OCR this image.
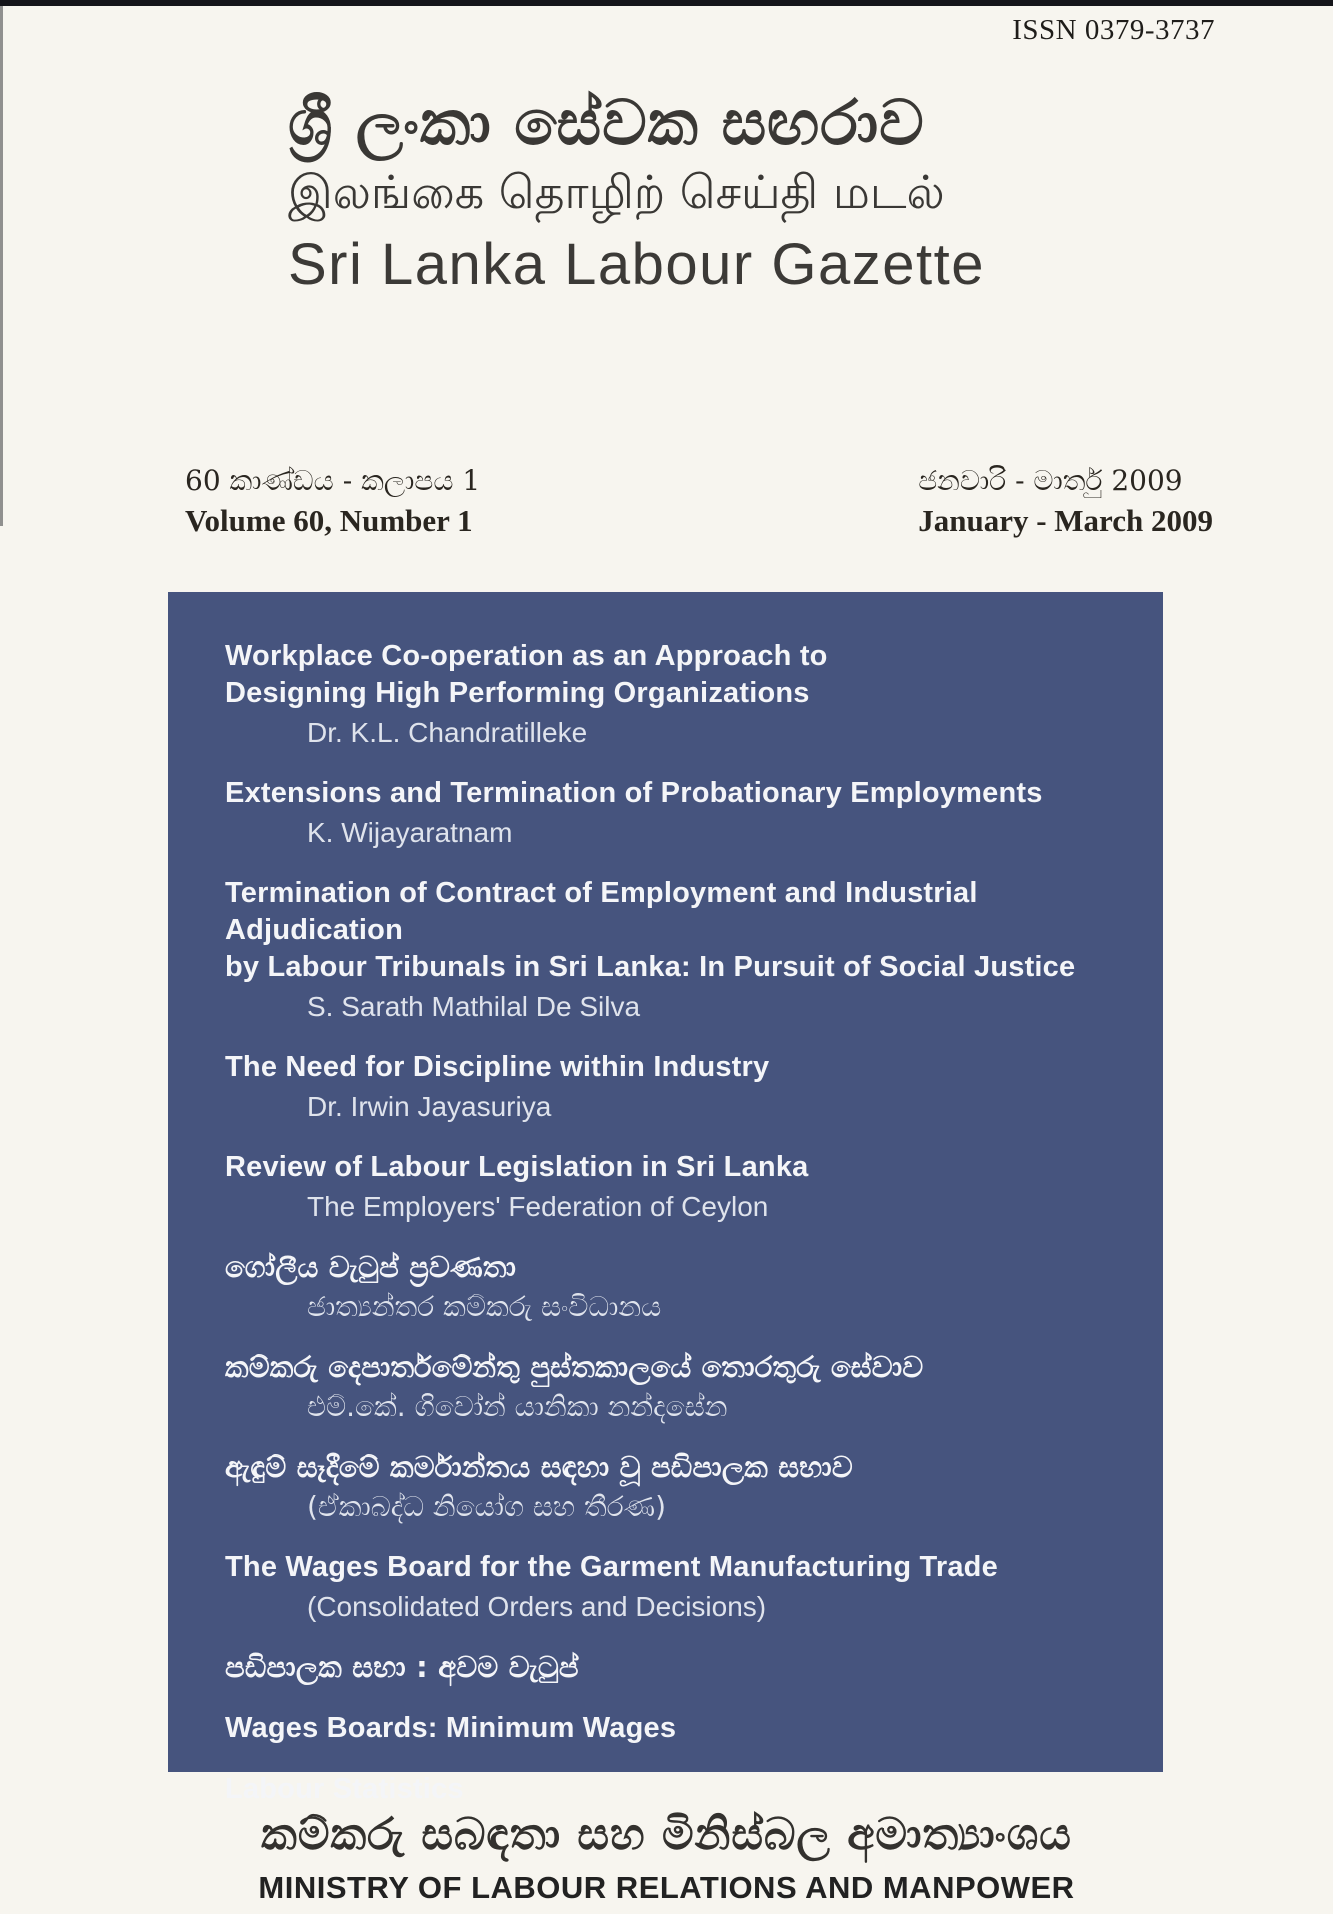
ISSN 0379-3737
ශ්‍රී ලංකා සේවක සඟරාව
இலங்கை தொழிற் செய்தி மடல்
Sri Lanka Labour Gazette
60 කාණ්ඩය - කලාපය 1
Volume 60, Number 1
ජනවාරි - මාර්තු 2009
January - March 2009
Workplace Co-operation as an Approach to
Designing High Performing Organizations
Dr. K.L. Chandratilleke
Extensions and Termination of Probationary Employments
K. Wijayaratnam
Termination of Contract of Employment and Industrial Adjudication
by Labour Tribunals in Sri Lanka: In Pursuit of Social Justice
S. Sarath Mathilal De Silva
The Need for Discipline within Industry
Dr. Irwin Jayasuriya
Review of Labour Legislation in Sri Lanka
The Employers' Federation of Ceylon
ගෝලීය වැටුප් ප්‍රවණතා
ජාත්‍යන්තර කම්කරු සංවිධානය
කම්කරු දෙපාර්තමේන්තු පුස්තකාලයේ තොරතුරු සේවාව
එම්.කේ. ගිවෝන් යානිකා නන්දසේන
ඇඳුම් සෑදීමේ කර්මාන්තය සඳහා වූ පඩිපාලක සභාව
(ඒකාබද්ධ නියෝග සහ තීරණ)
The Wages Board for the Garment Manufacturing Trade
(Consolidated Orders and Decisions)
පඩිපාලක සභා : අවම වැටුප්
Wages Boards: Minimum Wages
Labour Statistics
කම්කරු සබඳතා සහ මිනිස්බල අමාත්‍යාංශය
MINISTRY OF LABOUR RELATIONS AND MANPOWER
